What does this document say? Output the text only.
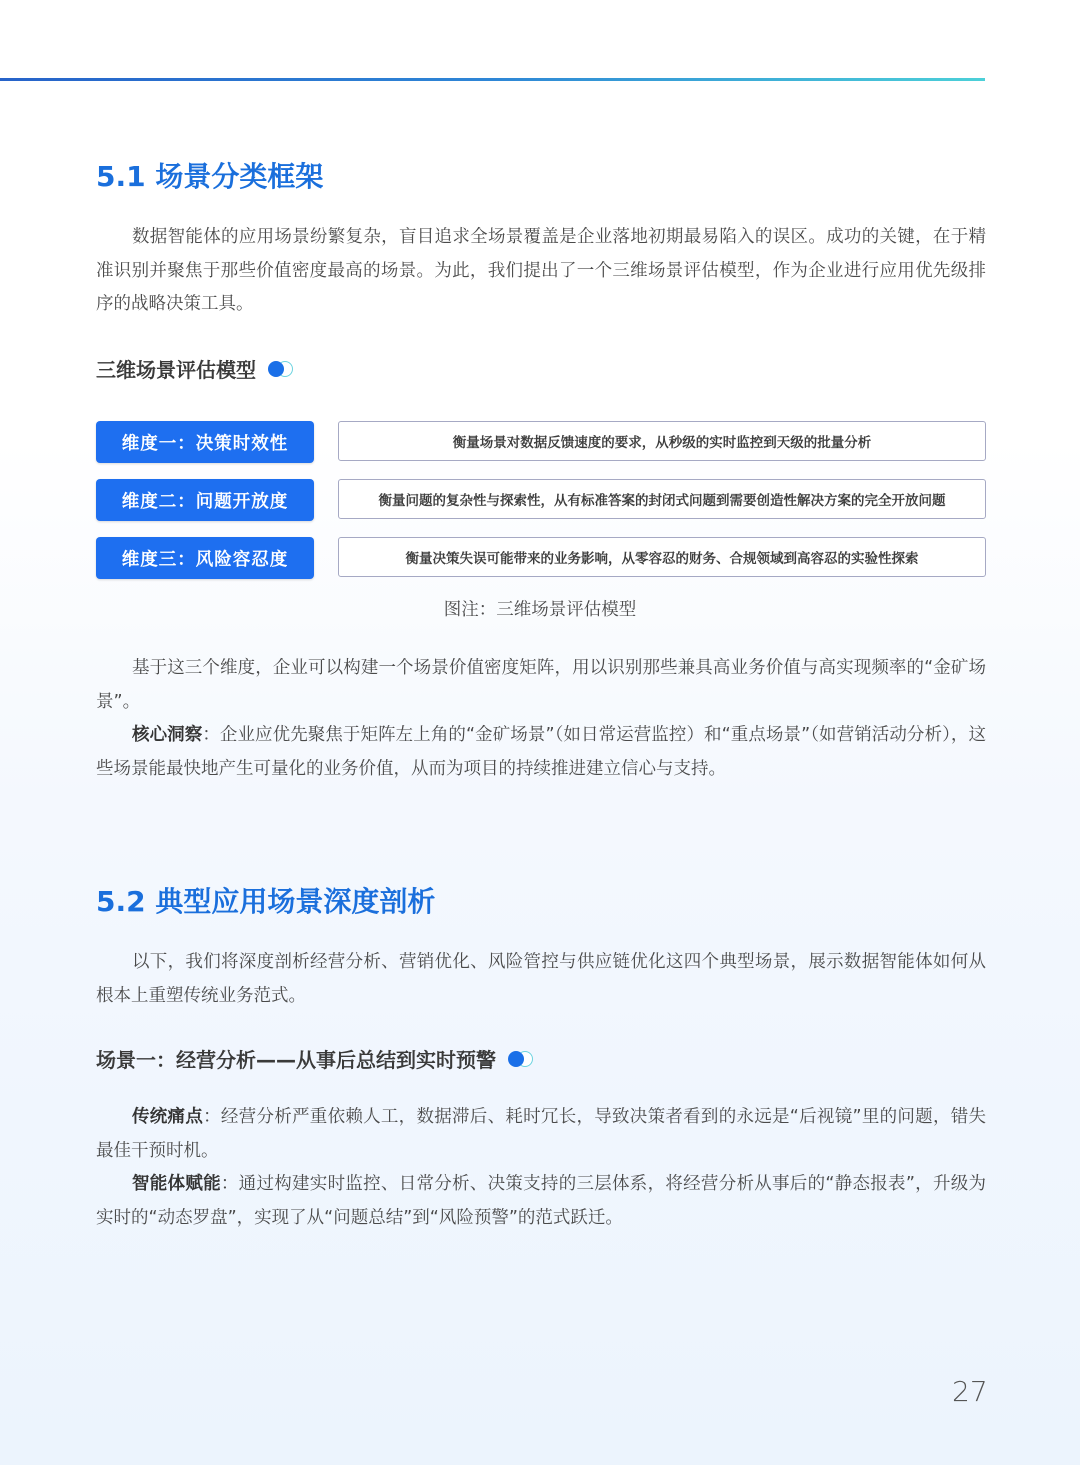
5.1 场景分类框架

数据智能体的应用场景纷繁复杂，盲目追求全场景覆盖是企业落地初期最易陷入的误区。成功的关键，在于精准识别并聚焦于那些价值密度最高的场景。为此，我们提出了一个三维场景评估模型，作为企业进行应用优先级排序的战略决策工具。

三维场景评估模型
维度一：决策时效性	衡量场景对数据反馈速度的要求，从秒级的实时监控到天级的批量分析
维度二：问题开放度	衡量问题的复杂性与探索性，从有标准答案的封闭式问题到需要创造性解决方案的完全开放问题
维度三：风险容忍度	衡量决策失误可能带来的业务影响，从零容忍的财务、合规领域到高容忍的实验性探索
图注：三维场景评估模型

基于这三个维度，企业可以构建一个场景价值密度矩阵，用以识别那些兼具高业务价值与高实现频率的“金矿场景”。

核心洞察：企业应优先聚焦于矩阵左上角的“金矿场景”（如日常运营监控）和“重点场景”（如营销活动分析），这些场景能最快地产生可量化的业务价值，从而为项目的持续推进建立信心与支持。

5.2 典型应用场景深度剖析

以下，我们将深度剖析经营分析、营销优化、风险管控与供应链优化这四个典型场景，展示数据智能体如何从根本上重塑传统业务范式。

场景一：经营分析——从事后总结到实时预警

传统痛点：经营分析严重依赖人工，数据滞后、耗时冗长，导致决策者看到的永远是“后视镜”里的问题，错失最佳干预时机。

智能体赋能：通过构建实时监控、日常分析、决策支持的三层体系，将经营分析从事后的“静态报表”，升级为实时的“动态罗盘”，实现了从“问题总结”到“风险预警”的范式跃迁。

27
